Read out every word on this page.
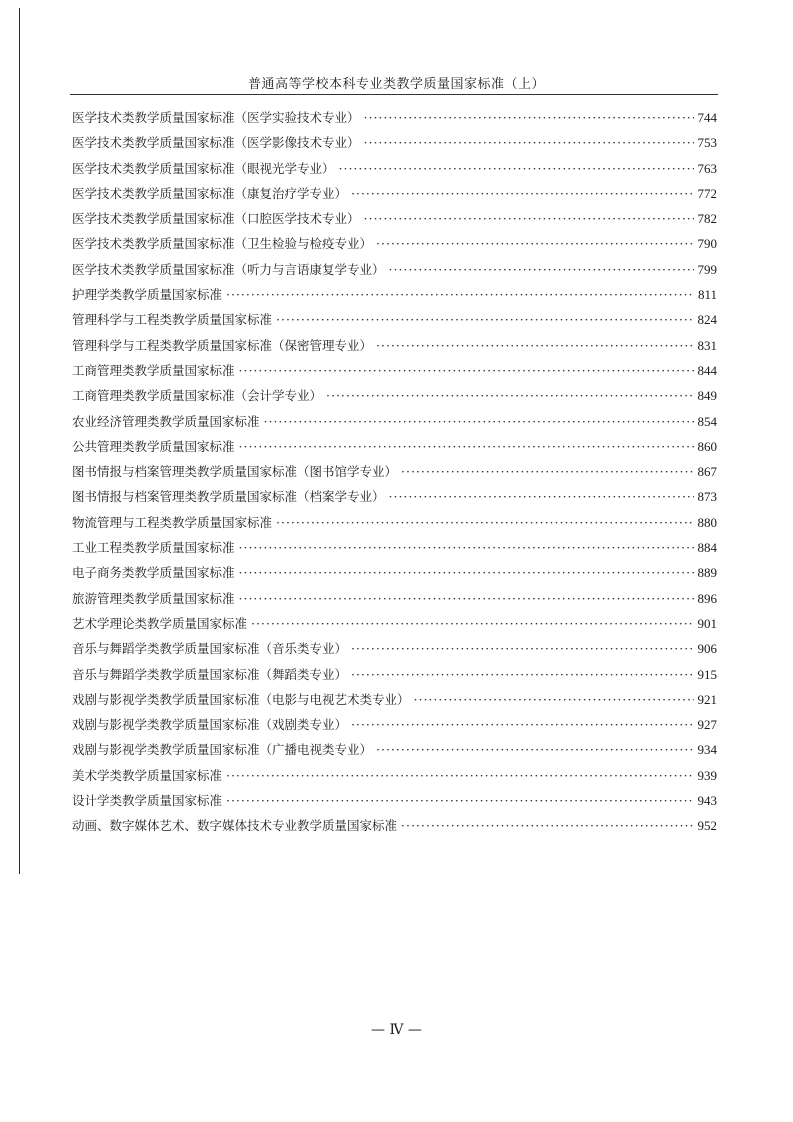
普通高等学校本科专业类教学质量国家标准（上）
医学技术类教学质量国家标准（医学实验技术专业） ·····	744
医学技术类教学质量国家标准（医学影像技术专业） ·····	753
医学技术类教学质量国家标准（眼视光学专业） ·····	763
医学技术类教学质量国家标准（康复治疗学专业） ·····	772
医学技术类教学质量国家标准（口腔医学技术专业） ·····	782
医学技术类教学质量国家标准（卫生检验与检疫专业） ·····	790
医学技术类教学质量国家标准（听力与言语康复学专业） ·····	799
护理学类教学质量国家标准 ·····	811
管理科学与工程类教学质量国家标准 ·····	824
管理科学与工程类教学质量国家标准（保密管理专业） ·····	831
工商管理类教学质量国家标准 ·····	844
工商管理类教学质量国家标准（会计学专业） ·····	849
农业经济管理类教学质量国家标准 ·····	854
公共管理类教学质量国家标准 ·····	860
图书情报与档案管理类教学质量国家标准（图书馆学专业） ·····	867
图书情报与档案管理类教学质量国家标准（档案学专业） ·····	873
物流管理与工程类教学质量国家标准 ·····	880
工业工程类教学质量国家标准 ·····	884
电子商务类教学质量国家标准 ·····	889
旅游管理类教学质量国家标准 ·····	896
艺术学理论类教学质量国家标准 ·····	901
音乐与舞蹈学类教学质量国家标准（音乐类专业） ·····	906
音乐与舞蹈学类教学质量国家标准（舞蹈类专业） ·····	915
戏剧与影视学类教学质量国家标准（电影与电视艺术类专业） ·····	921
戏剧与影视学类教学质量国家标准（戏剧类专业） ·····	927
戏剧与影视学类教学质量国家标准（广播电视类专业） ·····	934
美术学类教学质量国家标准 ·····	939
设计学类教学质量国家标准 ·····	943
动画、数字媒体艺术、数字媒体技术专业教学质量国家标准 ·····	952
— Ⅳ —
